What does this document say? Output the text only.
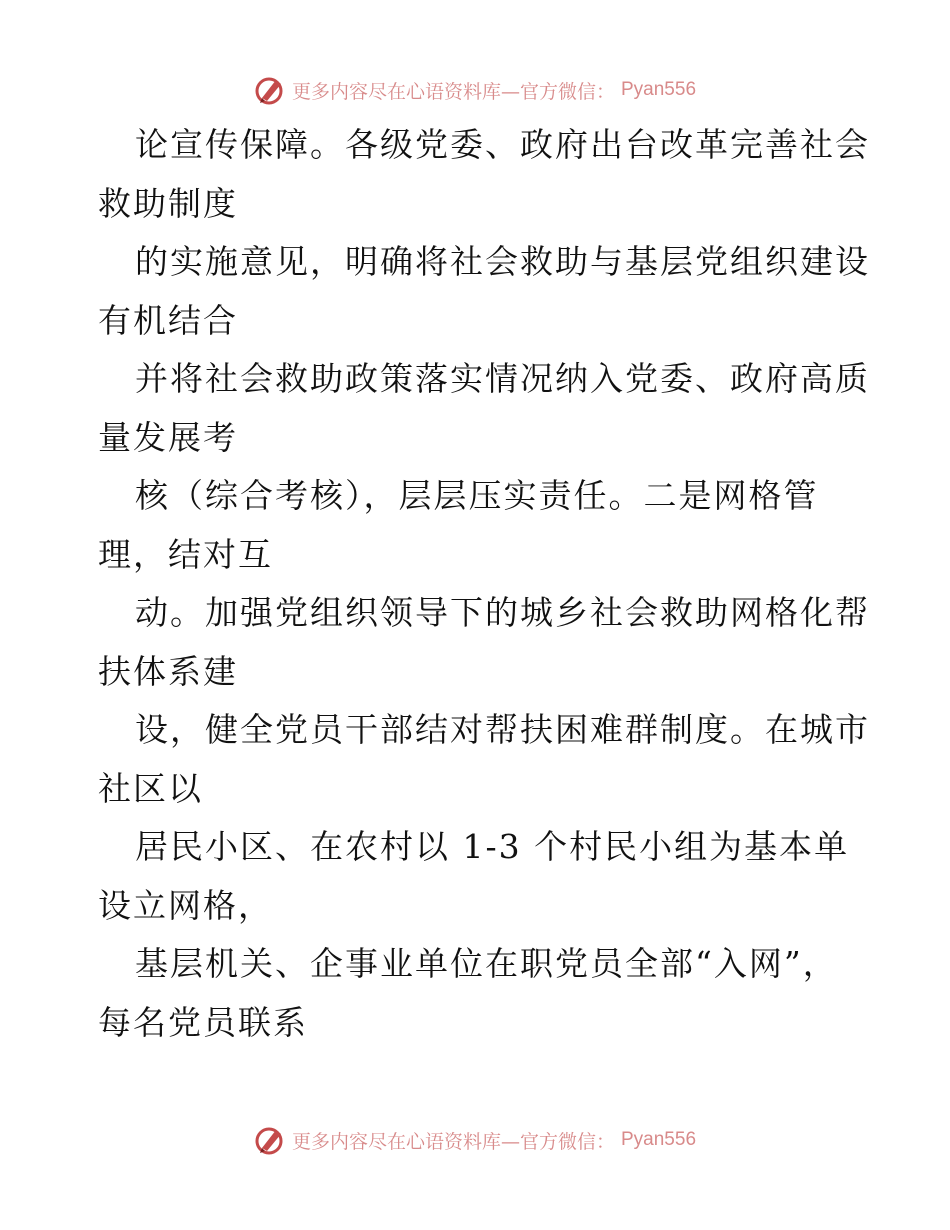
更多内容尽在心语资料库—官方微信： Pyan556
论宣传保障。各级党委、政府出台改革完善社会
救助制度
的实施意见，明确将社会救助与基层党组织建设
有机结合
并将社会救助政策落实情况纳入党委、政府高质
量发展考
核（综合考核），层层压实责任。二是网格管
理，结对互
动。加强党组织领导下的城乡社会救助网格化帮
扶体系建
设，健全党员干部结对帮扶困难群制度。在城市
社区以
居民小区、在农村以 1-3 个村民小组为基本单
设立网格，
基层机关、企事业单位在职党员全部“入网”，
每名党员联系
更多内容尽在心语资料库—官方微信： Pyan556
